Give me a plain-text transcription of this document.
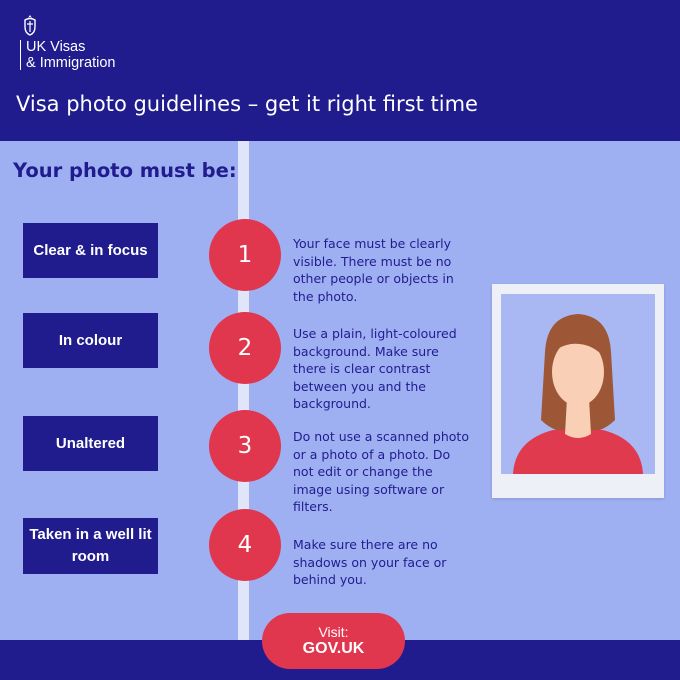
UK Visas
& Immigration
Visa photo guidelines – get it right first time
Your photo must be:
Clear & in focus	1	Your face must be clearly visible. There must be no other people or objects in the photo.
In colour	2
Use a plain, light-coloured background. Make sure there is clear contrast between you and the background.
Unaltered	3	Do not use a scanned photo or a photo of a photo. Do not edit or change the image using software or filters.
Taken in a well lit room	4	Make sure there are no shadows on your face or behind you.
Visit:
GOV.UK
